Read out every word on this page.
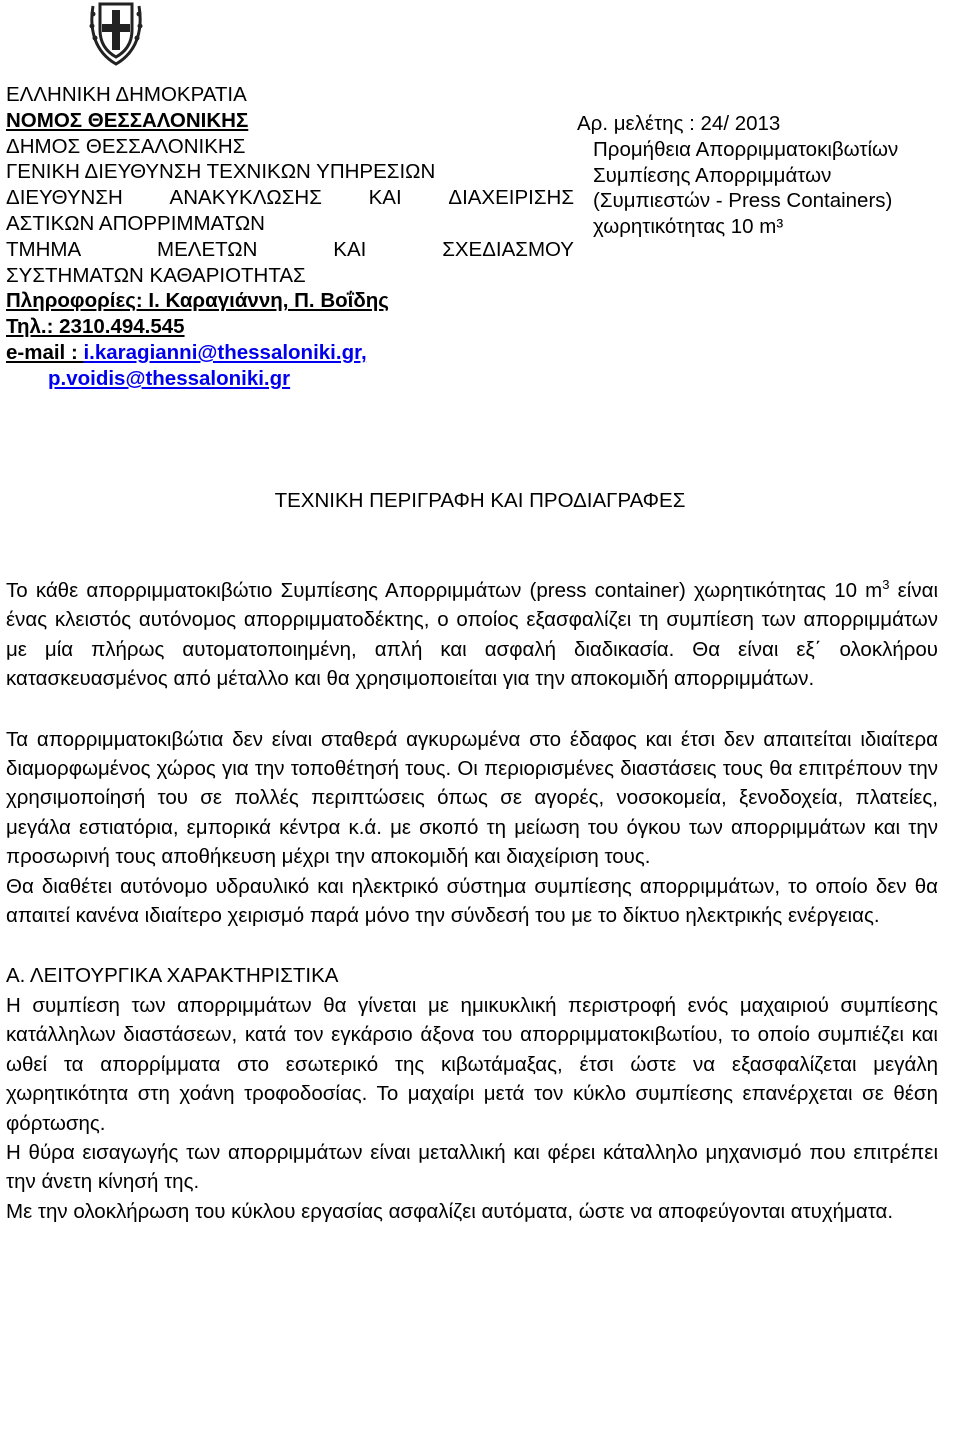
ΕΛΛΗΝΙΚΗ ΔΗΜΟΚΡΑΤΙΑ
ΝΟΜΟΣ ΘΕΣΣΑΛΟΝΙΚΗΣ
ΔΗΜΟΣ ΘΕΣΣΑΛΟΝΙΚΗΣ
ΓΕΝΙΚΗ ΔΙΕΥΘΥΝΣΗ ΤΕΧΝΙΚΩΝ ΥΠΗΡΕΣΙΩΝ
ΔΙΕΥΘΥΝΣΗ ΑΝΑΚΥΚΛΩΣΗΣ ΚΑΙ ΔΙΑΧΕΙΡΙΣΗΣ
ΑΣΤΙΚΩΝ ΑΠΟΡΡΙΜΜΑΤΩΝ
ΤΜΗΜΑ	ΜΕΛΕΤΩΝ	ΚΑΙ	ΣΧΕΔΙΑΣΜΟΥ
ΣΥΣΤΗΜΑΤΩΝ ΚΑΘΑΡΙΟΤΗΤΑΣ
Πληροφορίες: Ι. Καραγιάννη, Π. Βοΐδης
Τηλ.: 2310.494.545
e-mail : i.karagianni@thessaloniki.gr,
p.voidis@thessaloniki.gr
Αρ. μελέτης : 24/ 2013
Προμήθεια Απορριμματοκιβωτίων
Συμπίεσης Απορριμμάτων
(Συμπιεστών - Press Containers)
χωρητικότητας 10 m³
ΤΕΧΝΙΚΗ ΠΕΡΙΓΡΑΦΗ ΚΑΙ ΠΡΟΔΙΑΓΡΑΦΕΣ

Το κάθε απορριμματοκιβώτιο Συμπίεσης Απορριμμάτων (press container) χωρητικότητας 10 $m^3$ είναι ένας κλειστός αυτόνομος απορριμματοδέκτης, ο οποίος εξασφαλίζει τη συμπίεση των απορριμμάτων με μία πλήρως αυτοματοποιημένη, απλή και ασφαλή διαδικασία. Θα είναι εξ΄ ολοκλήρου κατασκευασμένος από μέταλλο και θα χρησιμοποιείται για την αποκομιδή απορριμμάτων.

Τα απορριμματοκιβώτια δεν είναι σταθερά αγκυρωμένα στο έδαφος και έτσι δεν απαιτείται ιδιαίτερα διαμορφωμένος χώρος για την τοποθέτησή τους. Οι περιορισμένες διαστάσεις τους θα επιτρέπουν την χρησιμοποίησή του σε πολλές περιπτώσεις όπως σε αγορές, νοσοκομεία, ξενοδοχεία, πλατείες, μεγάλα εστιατόρια, εμπορικά κέντρα κ.ά. με σκοπό τη μείωση του όγκου των απορριμμάτων και την προσωρινή τους αποθήκευση μέχρι την αποκομιδή και διαχείριση τους.

Θα διαθέτει αυτόνομο υδραυλικό και ηλεκτρικό σύστημα συμπίεσης απορριμμάτων, το οποίο δεν θα απαιτεί κανένα ιδιαίτερο χειρισμό παρά μόνο την σύνδεσή του με το δίκτυο ηλεκτρικής ενέργειας.

Α. ΛΕΙΤΟΥΡΓΙΚΑ ΧΑΡΑΚΤΗΡΙΣΤΙΚΑ

Η συμπίεση των απορριμμάτων θα γίνεται με ημικυκλική περιστροφή ενός μαχαιριού συμπίεσης κατάλληλων διαστάσεων, κατά τον εγκάρσιο άξονα του απορριμματοκιβωτίου, το οποίο συμπιέζει και ωθεί τα απορρίμματα στο εσωτερικό της κιβωτάμαξας, έτσι ώστε να εξασφαλίζεται μεγάλη χωρητικότητα στη χοάνη τροφοδοσίας. Το μαχαίρι μετά τον κύκλο συμπίεσης επανέρχεται σε θέση φόρτωσης.

Η θύρα εισαγωγής των απορριμμάτων είναι μεταλλική και φέρει κάταλληλο μηχανισμό που επιτρέπει την άνετη κίνησή της.

Με την ολοκλήρωση του κύκλου εργασίας ασφαλίζει αυτόματα, ώστε να αποφεύγονται ατυχήματα.
